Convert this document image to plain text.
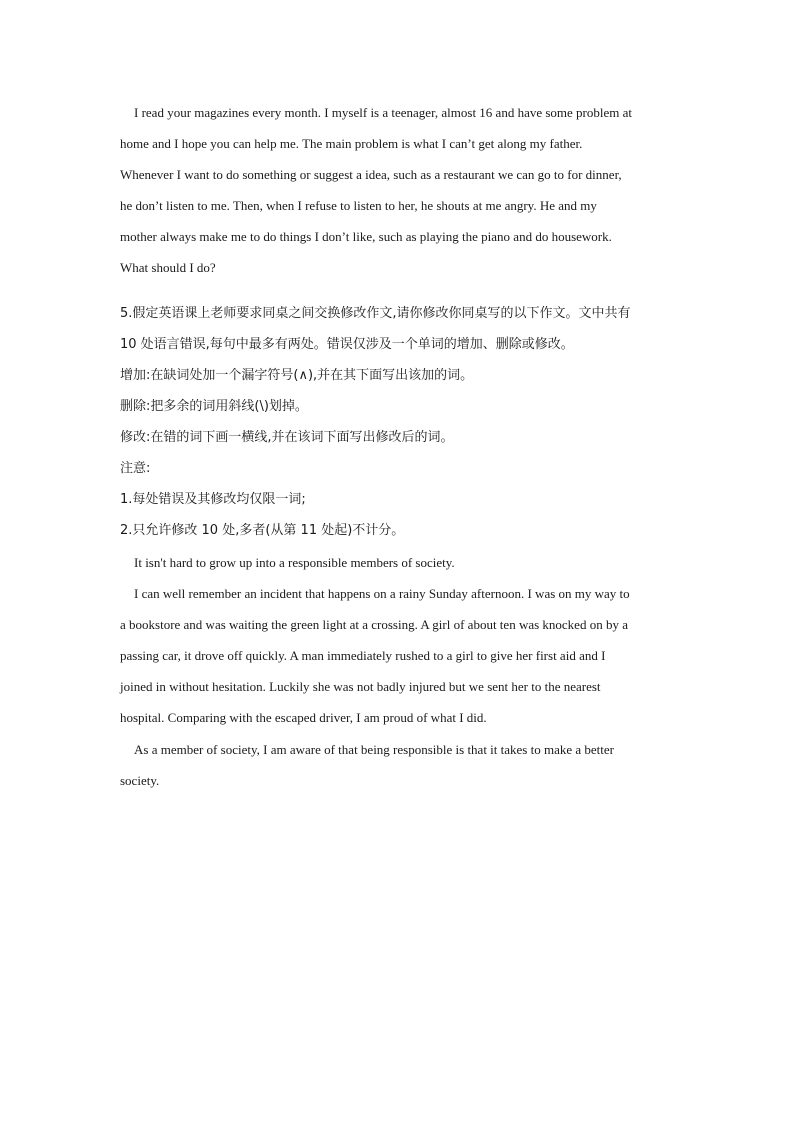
I read your magazines every month. I myself is a teenager, almost 16 and have some problem at
home and I hope you can help me. The main problem is what I can’t get along my father.
Whenever I want to do something or suggest a idea, such as a restaurant we can go to for dinner,
he don’t listen to me. Then, when I refuse to listen to her, he shouts at me angry. He and my
mother always make me to do things I don’t like, such as playing the piano and do housework.
What should I do?
5.假定英语课上老师要求同桌之间交换修改作文,请你修改你同桌写的以下作文。文中共有
10 处语言错误,每句中最多有两处。错误仅涉及一个单词的增加、删除或修改。
增加:在缺词处加一个漏字符号(∧),并在其下面写出该加的词。
删除:把多余的词用斜线(\)划掉。
修改:在错的词下画一横线,并在该词下面写出修改后的词。
注意:
1.每处错误及其修改均仅限一词;
2.只允许修改 10 处,多者(从第 11 处起)不计分。
It isn't hard to grow up into a responsible members of society.
I can well remember an incident that happens on a rainy Sunday afternoon. I was on my way to
a bookstore and was waiting the green light at a crossing. A girl of about ten was knocked on by a
passing car, it drove off quickly. A man immediately rushed to a girl to give her first aid and I
joined in without hesitation. Luckily she was not badly injured but we sent her to the nearest
hospital. Comparing with the escaped driver, I am proud of what I did.
As a member of society, I am aware of that being responsible is that it takes to make a better
society.
